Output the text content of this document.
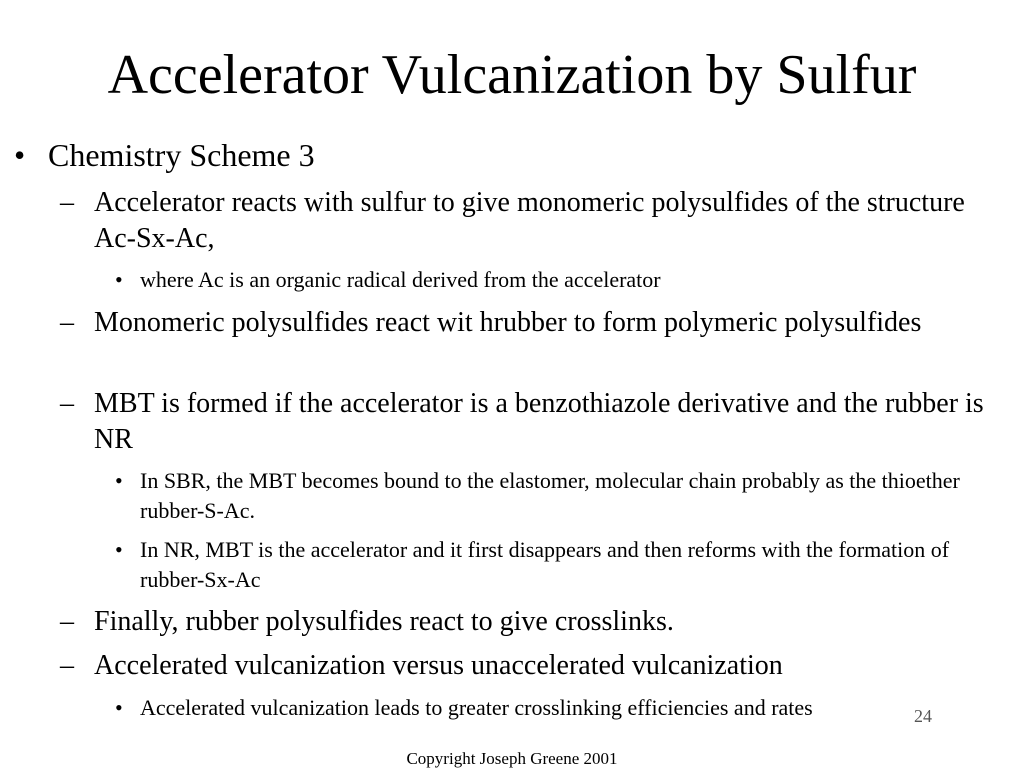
Accelerator Vulcanization by Sulfur
• Chemistry Scheme 3
– Accelerator reacts with sulfur to give monomeric polysulfides of the structure Ac-Sx-Ac,
• where Ac is an organic radical derived from the accelerator
– Monomeric polysulfides react wit hrubber to form polymeric polysulfides
– MBT is formed if the accelerator is a benzothiazole derivative and the rubber is NR
• In SBR, the MBT becomes bound to the elastomer, molecular chain probably as the thioether rubber-S-Ac.
• In NR, MBT is the accelerator and it first disappears and then reforms with the formation of rubber-Sx-Ac
– Finally, rubber polysulfides react to give crosslinks.
– Accelerated vulcanization versus unaccelerated vulcanization
• Accelerated vulcanization leads to greater crosslinking efficiencies and rates	24
Copyright Joseph Greene 2001
